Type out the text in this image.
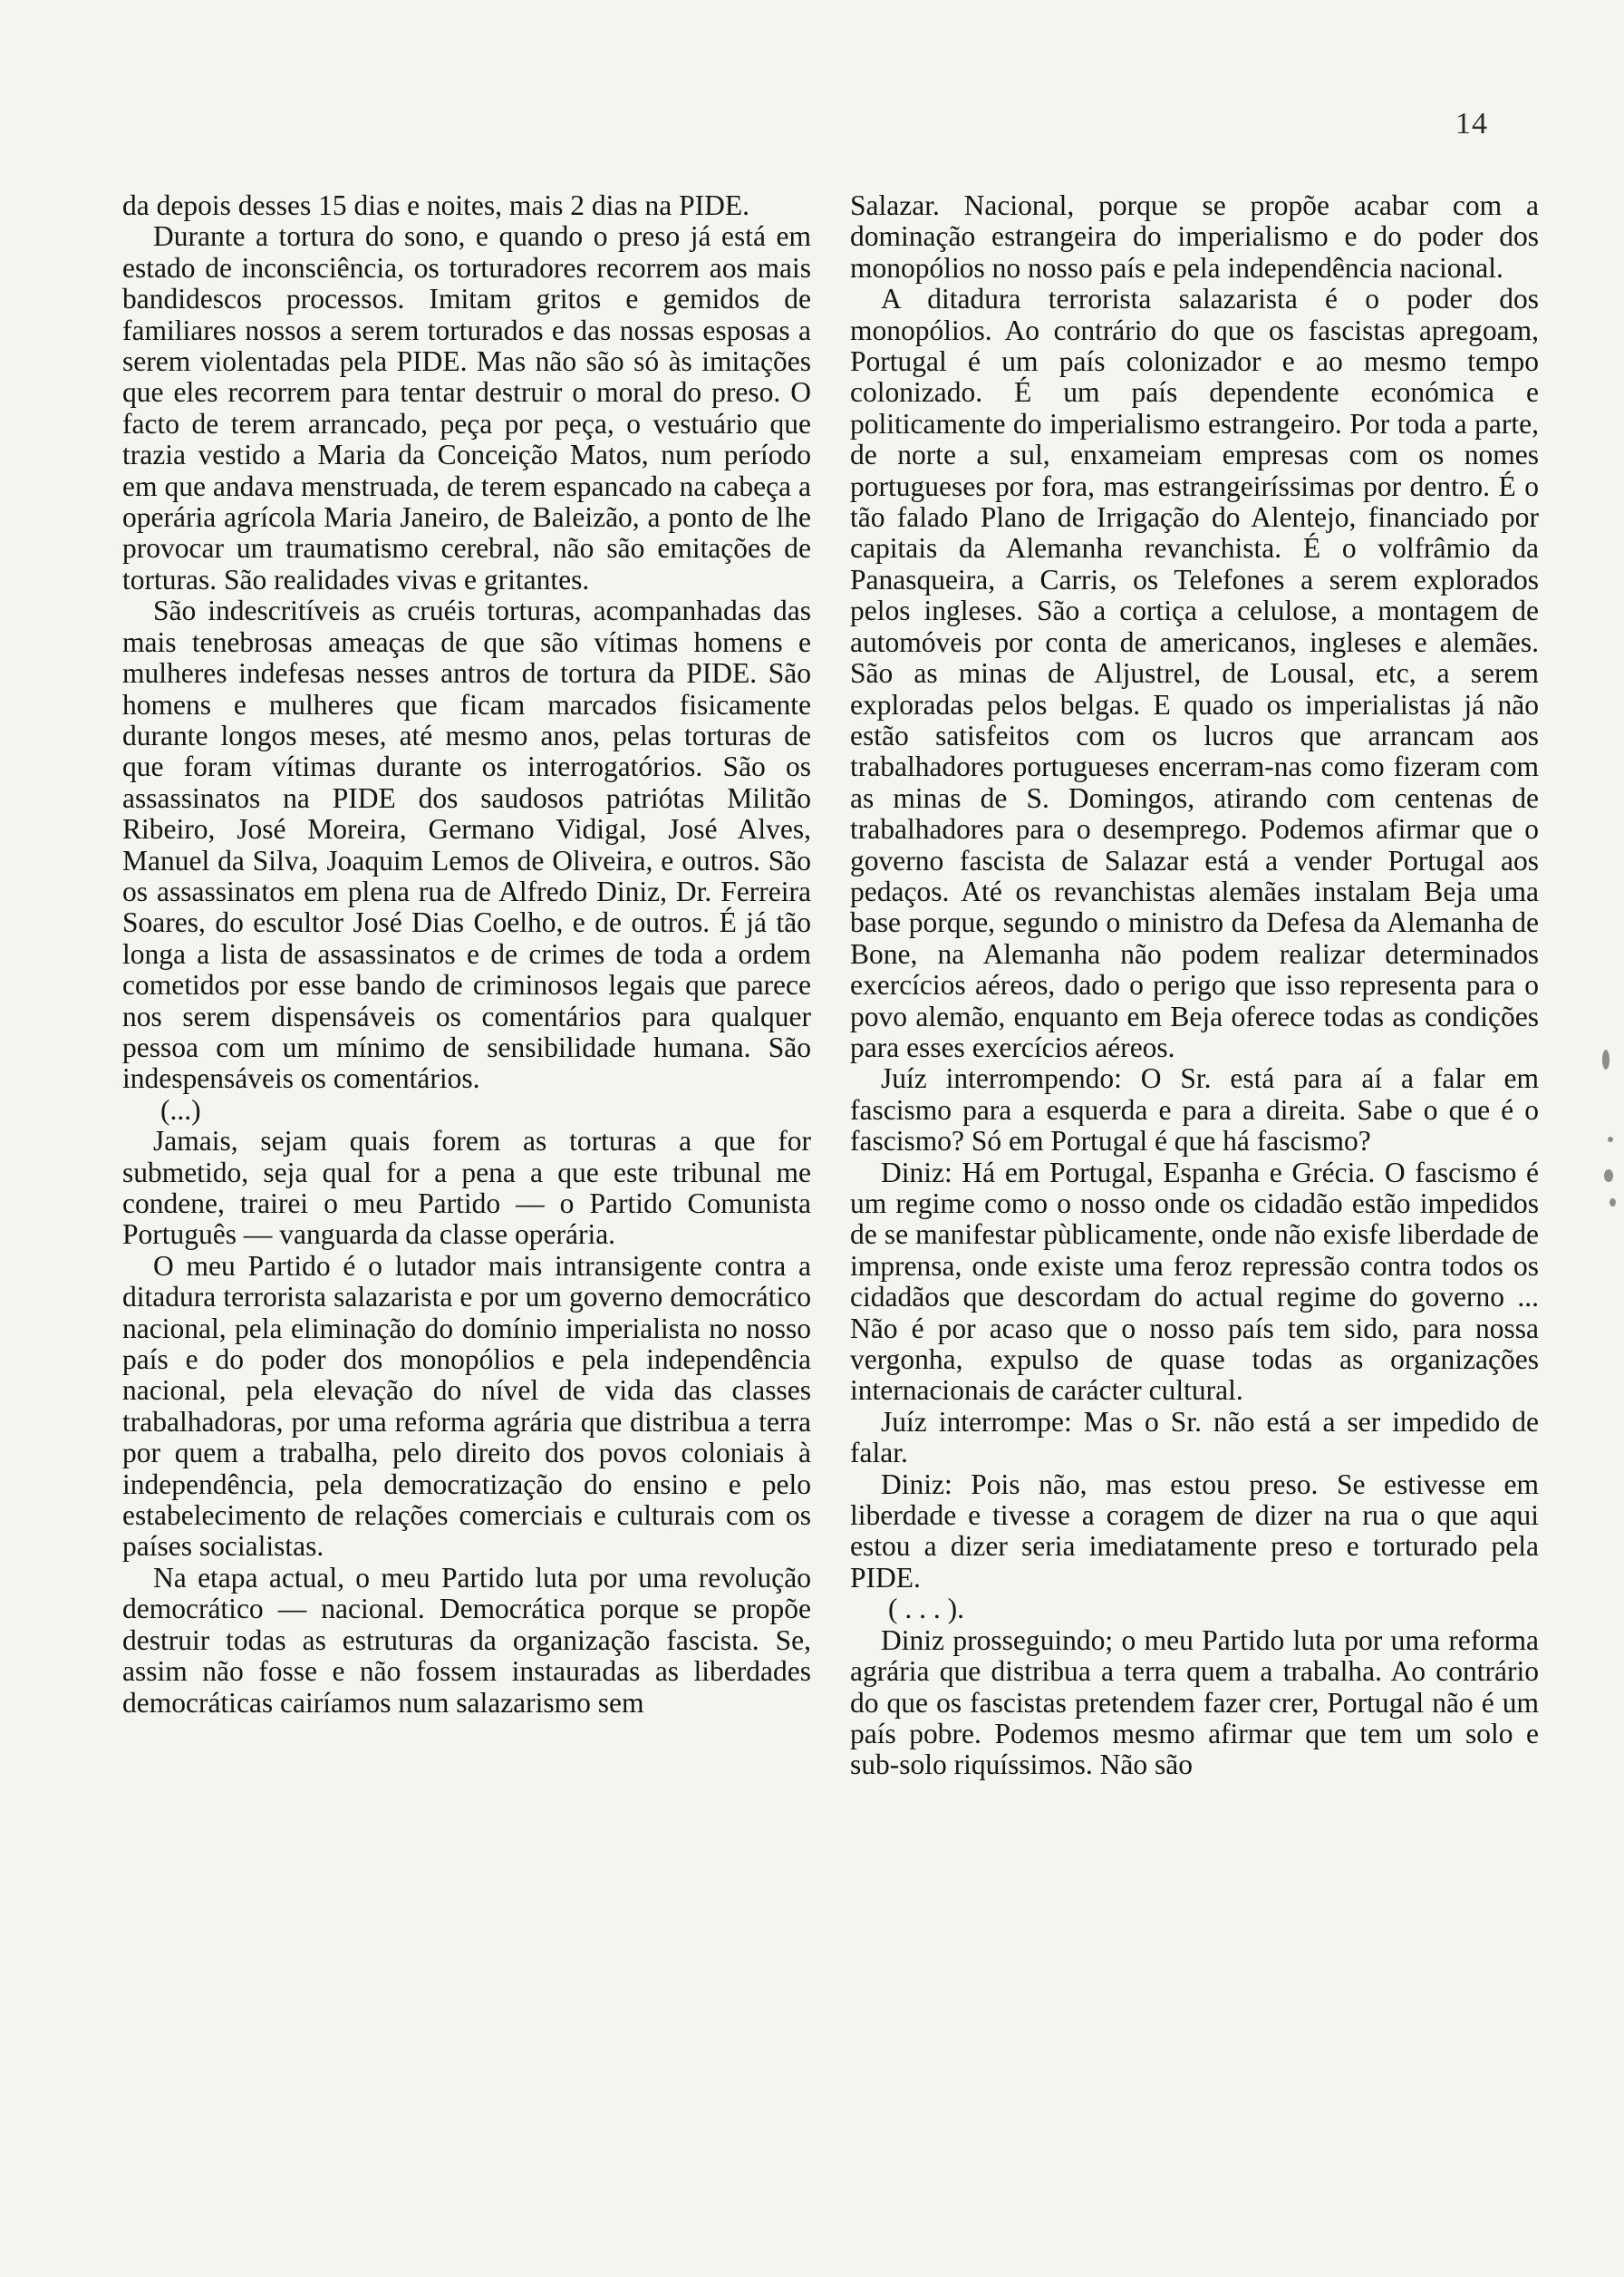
14

da depois desses 15 dias e noites, mais 2 dias na PIDE.

Durante a tortura do sono, e quando o preso já está em estado de inconsciência, os torturadores recorrem aos mais bandidescos processos. Imitam gritos e gemidos de familiares nossos a serem torturados e das nossas esposas a serem violentadas pela PIDE. Mas não são só às imitações que eles recorrem para tentar destruir o moral do preso. O facto de terem arrancado, peça por peça, o vestuário que trazia vestido a Maria da Conceição Matos, num período em que andava menstruada, de terem espancado na cabeça a operária agrícola Maria Janeiro, de Baleizão, a ponto de lhe provocar um traumatismo cerebral, não são emitações de torturas. São realidades vivas e gritantes.

São indescritíveis as cruéis torturas, acompanhadas das mais tenebrosas ameaças de que são vítimas homens e mulheres indefesas nesses antros de tortura da PIDE. São homens e mulheres que ficam marcados fisicamente durante longos meses, até mesmo anos, pelas torturas de que foram vítimas durante os interrogatórios. São os assassinatos na PIDE dos saudosos patriótas Militão Ribeiro, José Moreira, Germano Vidigal, José Alves, Manuel da Silva, Joaquim Lemos de Oliveira, e outros. São os assassinatos em plena rua de Alfredo Diniz, Dr. Ferreira Soares, do escultor José Dias Coelho, e de outros. É já tão longa a lista de assassinatos e de crimes de toda a ordem cometidos por esse bando de criminosos legais que parece nos serem dispensáveis os comentários para qualquer pessoa com um mínimo de sensibilidade humana. São indespensáveis os comentários.

(...)

Jamais, sejam quais forem as torturas a que for submetido, seja qual for a pena a que este tribunal me condene, trairei o meu Partido — o Partido Comunista Português — vanguarda da classe operária.

O meu Partido é o lutador mais intransigente contra a ditadura terrorista salazarista e por um governo democrático nacional, pela eliminação do domínio imperialista no nosso país e do poder dos monopólios e pela independência nacional, pela elevação do nível de vida das classes trabalhadoras, por uma reforma agrária que distribua a terra por quem a trabalha, pelo direito dos povos coloniais à independência, pela democratização do ensino e pelo estabelecimento de relações comerciais e culturais com os países socialistas.

Na etapa actual, o meu Partido luta por uma revolução democrático — nacional. Democrática porque se propõe destruir todas as estruturas da organização fascista. Se, assim não fosse e não fossem instauradas as liberdades democráticas cairíamos num salazarismo sem

Salazar. Nacional, porque se propõe acabar com a dominação estrangeira do imperialismo e do poder dos monopólios no nosso país e pela independência nacional.

A ditadura terrorista salazarista é o poder dos monopólios. Ao contrário do que os fascistas apregoam, Portugal é um país colonizador e ao mesmo tempo colonizado. É um país dependente económica e politicamente do imperialismo estrangeiro. Por toda a parte, de norte a sul, enxameiam empresas com os nomes portugueses por fora, mas estrangeiríssimas por dentro. É o tão falado Plano de Irrigação do Alentejo, financiado por capitais da Alemanha revanchista. É o volfrâmio da Panasqueira, a Carris, os Telefones a serem explorados pelos ingleses. São a cortiça a celulose, a montagem de automóveis por conta de americanos, ingleses e alemães. São as minas de Aljustrel, de Lousal, etc, a serem exploradas pelos belgas. E quado os imperialistas já não estão satisfeitos com os lucros que arrancam aos trabalhadores portugueses encerram-nas como fizeram com as minas de S. Domingos, atirando com centenas de trabalhadores para o desemprego. Podemos afirmar que o governo fascista de Salazar está a vender Portugal aos pedaços. Até os revanchistas alemães instalam Beja uma base porque, segundo o ministro da Defesa da Alemanha de Bone, na Alemanha não podem realizar determinados exercícios aéreos, dado o perigo que isso representa para o povo alemão, enquanto em Beja oferece todas as condições para esses exercícios aéreos.

Juíz interrompendo: O Sr. está para aí a falar em fascismo para a esquerda e para a direita. Sabe o que é o fascismo? Só em Portugal é que há fascismo?

Diniz: Há em Portugal, Espanha e Grécia. O fascismo é um regime como o nosso onde os cidadão estão impedidos de se manifestar pùblicamente, onde não exisfe liberdade de imprensa, onde existe uma feroz repressão contra todos os cidadãos que descordam do actual regime do governo ... Não é por acaso que o nosso país tem sido, para nossa vergonha, expulso de quase todas as organizações internacionais de carácter cultural.

Juíz interrompe: Mas o Sr. não está a ser impedido de falar.

Diniz: Pois não, mas estou preso. Se estivesse em liberdade e tivesse a coragem de dizer na rua o que aqui estou a dizer seria imediatamente preso e torturado pela PIDE.

( . . . ).

Diniz prosseguindo; o meu Partido luta por uma reforma agrária que distribua a terra quem a trabalha. Ao contrário do que os fascistas pretendem fazer crer, Portugal não é um país pobre. Podemos mesmo afirmar que tem um solo e sub-solo riquíssimos. Não são
